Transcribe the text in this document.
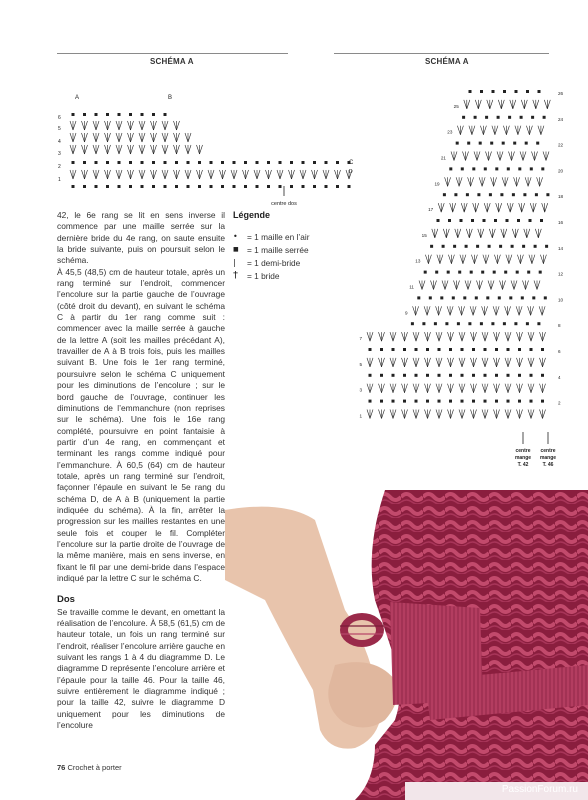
SCHÉMA A	SCHÉMA A
A	B
C
D
6
5
4
3
2
1
centre dos
26
25
24
23
22
21
20
19
18
17
16
15
14
13
12
11
10
9
8
7
6
5
4
3
2
1
centre
mange
T. 42
centre
mange
T. 46

42, le 6e rang se lit en sens inverse il commence par une maille serrée sur la dernière bride du 4e rang, on saute ensuite la bride suivante, puis on poursuit selon le schéma.

À 45,5 (48,5) cm de hauteur totale, après un rang terminé sur l’endroit, commencer l’encolure sur la partie gauche de l’ouvrage (côté droit du devant), en suivant le schéma C à partir du 1er rang comme suit : commencer avec la maille serrée à gauche de la lettre A (soit les mailles précédant A), travailler de A à B trois fois, puis les mailles suivant B. Une fois le 1er rang terminé, poursuivre selon le schéma C uniquement pour les diminutions de l’encolure ; sur le bord gauche de l’ouvrage, continuer les diminutions de l’emmanchure (non reprises sur le schéma). Une fois le 16e rang complété, poursuivre en point fantaisie à partir d’un 4e rang, en commençant et terminant les rangs comme indiqué pour l’emmanchure. À 60,5 (64) cm de hauteur totale, après un rang terminé sur l’endroit, façonner l’épaule en suivant le 5e rang du schéma D, de A à B (uniquement la partie indiquée du schéma). À la fin, arrêter la progression sur les mailles restantes en une seule fois et couper le fil. Compléter l’encolure sur la partie droite de l’ouvrage de la même manière, mais en sens inverse, en fixant le fil par une demi-bride dans l’espace indiqué par la lettre C sur le schéma C.

Dos

Se travaille comme le devant, en omettant la réalisation de l’encolure. À 58,5 (61,5) cm de hauteur totale, un fois un rang terminé sur l’endroit, réaliser l’encolure arrière gauche en suivant les rangs 1 à 4 du diagramme D. Le diagramme D représente l’encolure arrière et l’épaule pour la taille 46. Pour la taille 46, suivre entièrement le diagramme indiqué ; pour la taille 42, suivre le diagramme D uniquement pour les diminutions de l’encolure

Légende
•	= 1 maille en l’air
■	= 1 maille serrée
|	= 1 demi-bride
†	= 1 bride
76 Crochet à porter
PassionForum.ru
